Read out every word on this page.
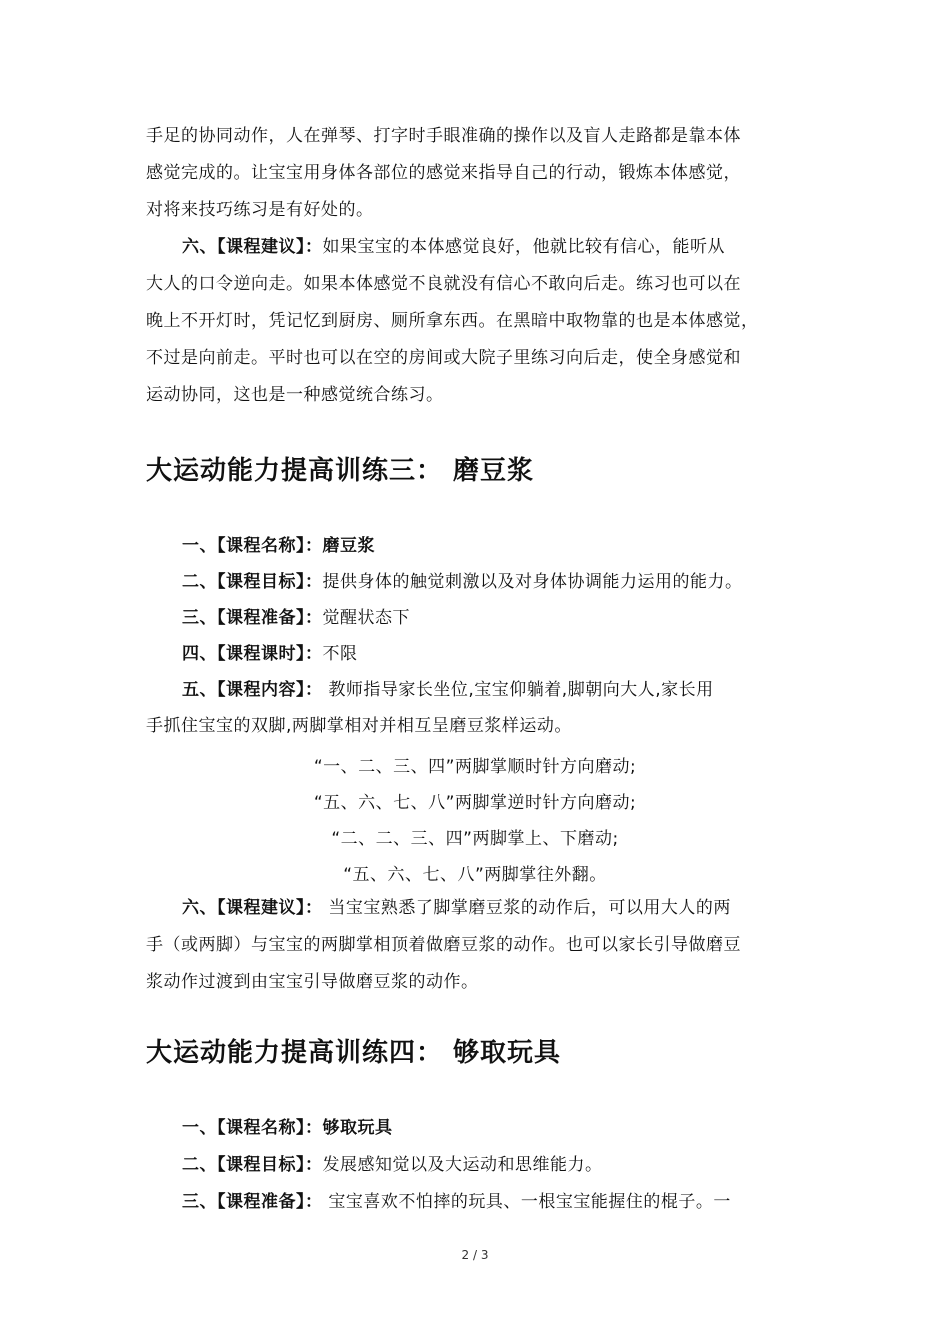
手足的协同动作，人在弹琴、打字时手眼准确的操作以及盲人走路都是靠本体
感觉完成的。让宝宝用身体各部位的感觉来指导自己的行动，锻炼本体感觉，
对将来技巧练习是有好处的。
六、【课程建议】：如果宝宝的本体感觉良好，他就比较有信心，能听从
大人的口令逆向走。如果本体感觉不良就没有信心不敢向后走。练习也可以在
晚上不开灯时，凭记忆到厨房、厕所拿东西。在黑暗中取物靠的也是本体感觉，
不过是向前走。平时也可以在空的房间或大院子里练习向后走，使全身感觉和
运动协同，这也是一种感觉统合练习。
大运动能力提高训练三： 磨豆浆
一、【课程名称】：磨豆浆
二、【课程目标】：提供身体的触觉刺激以及对身体协调能力运用的能力。
三、【课程准备】：觉醒状态下
四、【课程课时】：不限
五、【课程内容】： 教师指导家长坐位,宝宝仰躺着,脚朝向大人,家长用
手抓住宝宝的双脚,两脚掌相对并相互呈磨豆浆样运动。
“一、二、三、四”两脚掌顺时针方向磨动;
“五、六、七、八”两脚掌逆时针方向磨动;
“二、二、三、四”两脚掌上、下磨动;
“五、六、七、八”两脚掌往外翻。
六、【课程建议】： 当宝宝熟悉了脚掌磨豆浆的动作后，可以用大人的两
手（或两脚）与宝宝的两脚掌相顶着做磨豆浆的动作。也可以家长引导做磨豆
浆动作过渡到由宝宝引导做磨豆浆的动作。
大运动能力提高训练四： 够取玩具
一、【课程名称】：够取玩具
二、【课程目标】：发展感知觉以及大运动和思维能力。
三、【课程准备】： 宝宝喜欢不怕摔的玩具、一根宝宝能握住的棍子。一
2 / 3
